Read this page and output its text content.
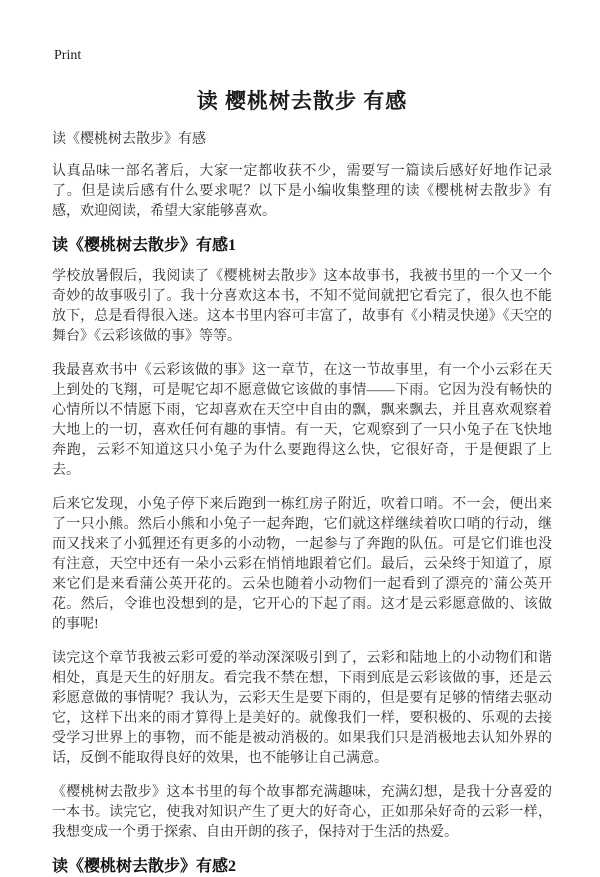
Print
读 樱桃树去散步 有感

读《樱桃树去散步》有感

认真品味一部名著后，大家一定都收获不少，需要写一篇读后感好好地作记录了。但是读后感有什么要求呢？以下是小编收集整理的读《樱桃树去散步》有感，欢迎阅读，希望大家能够喜欢。

读《樱桃树去散步》有感1

学校放暑假后，我阅读了《樱桃树去散步》这本故事书，我被书里的一个又一个奇妙的故事吸引了。我十分喜欢这本书，不知不觉间就把它看完了，很久也不能放下，总是看得很入迷。这本书里内容可丰富了，故事有《小精灵快递》《天空的舞台》《云彩该做的事》等等。

我最喜欢书中《云彩该做的事》这一章节，在这一节故事里，有一个小云彩在天上到处的飞翔，可是呢它却不愿意做它该做的事情——下雨。它因为没有畅快的心情所以不情愿下雨，它却喜欢在天空中自由的飘，飘来飘去，并且喜欢观察着大地上的一切，喜欢任何有趣的事情。有一天，它观察到了一只小兔子在飞快地奔跑，云彩不知道这只小兔子为什么要跑得这么快，它很好奇，于是便跟了上去。

后来它发现，小兔子停下来后跑到一栋红房子附近，吹着口哨。不一会，便出来了一只小熊。然后小熊和小兔子一起奔跑，它们就这样继续着吹口哨的行动，继而又找来了小狐狸还有更多的小动物，一起参与了奔跑的队伍。可是它们谁也没有注意，天空中还有一朵小云彩在悄悄地跟着它们。最后，云朵终于知道了，原来它们是来看蒲公英开花的。云朵也随着小动物们一起看到了漂亮的`蒲公英开花。然后，令谁也没想到的是，它开心的下起了雨。这才是云彩愿意做的、该做的事呢!

读完这个章节我被云彩可爱的举动深深吸引到了，云彩和陆地上的小动物们和谐相处，真是天生的好朋友。看完我不禁在想，下雨到底是云彩该做的事，还是云彩愿意做的事情呢？我认为，云彩天生是要下雨的，但是要有足够的情绪去驱动它，这样下出来的雨才算得上是美好的。就像我们一样，要积极的、乐观的去接受学习世界上的事物，而不能是被动消极的。如果我们只是消极地去认知外界的话，反倒不能取得良好的效果，也不能够让自己满意。

《樱桃树去散步》这本书里的每个故事都充满趣味，充满幻想，是我十分喜爱的一本书。读完它，使我对知识产生了更大的好奇心，正如那朵好奇的云彩一样，我想变成一个勇于探索、自由开朗的孩子，保持对于生活的热爱。

读《樱桃树去散步》有感2
